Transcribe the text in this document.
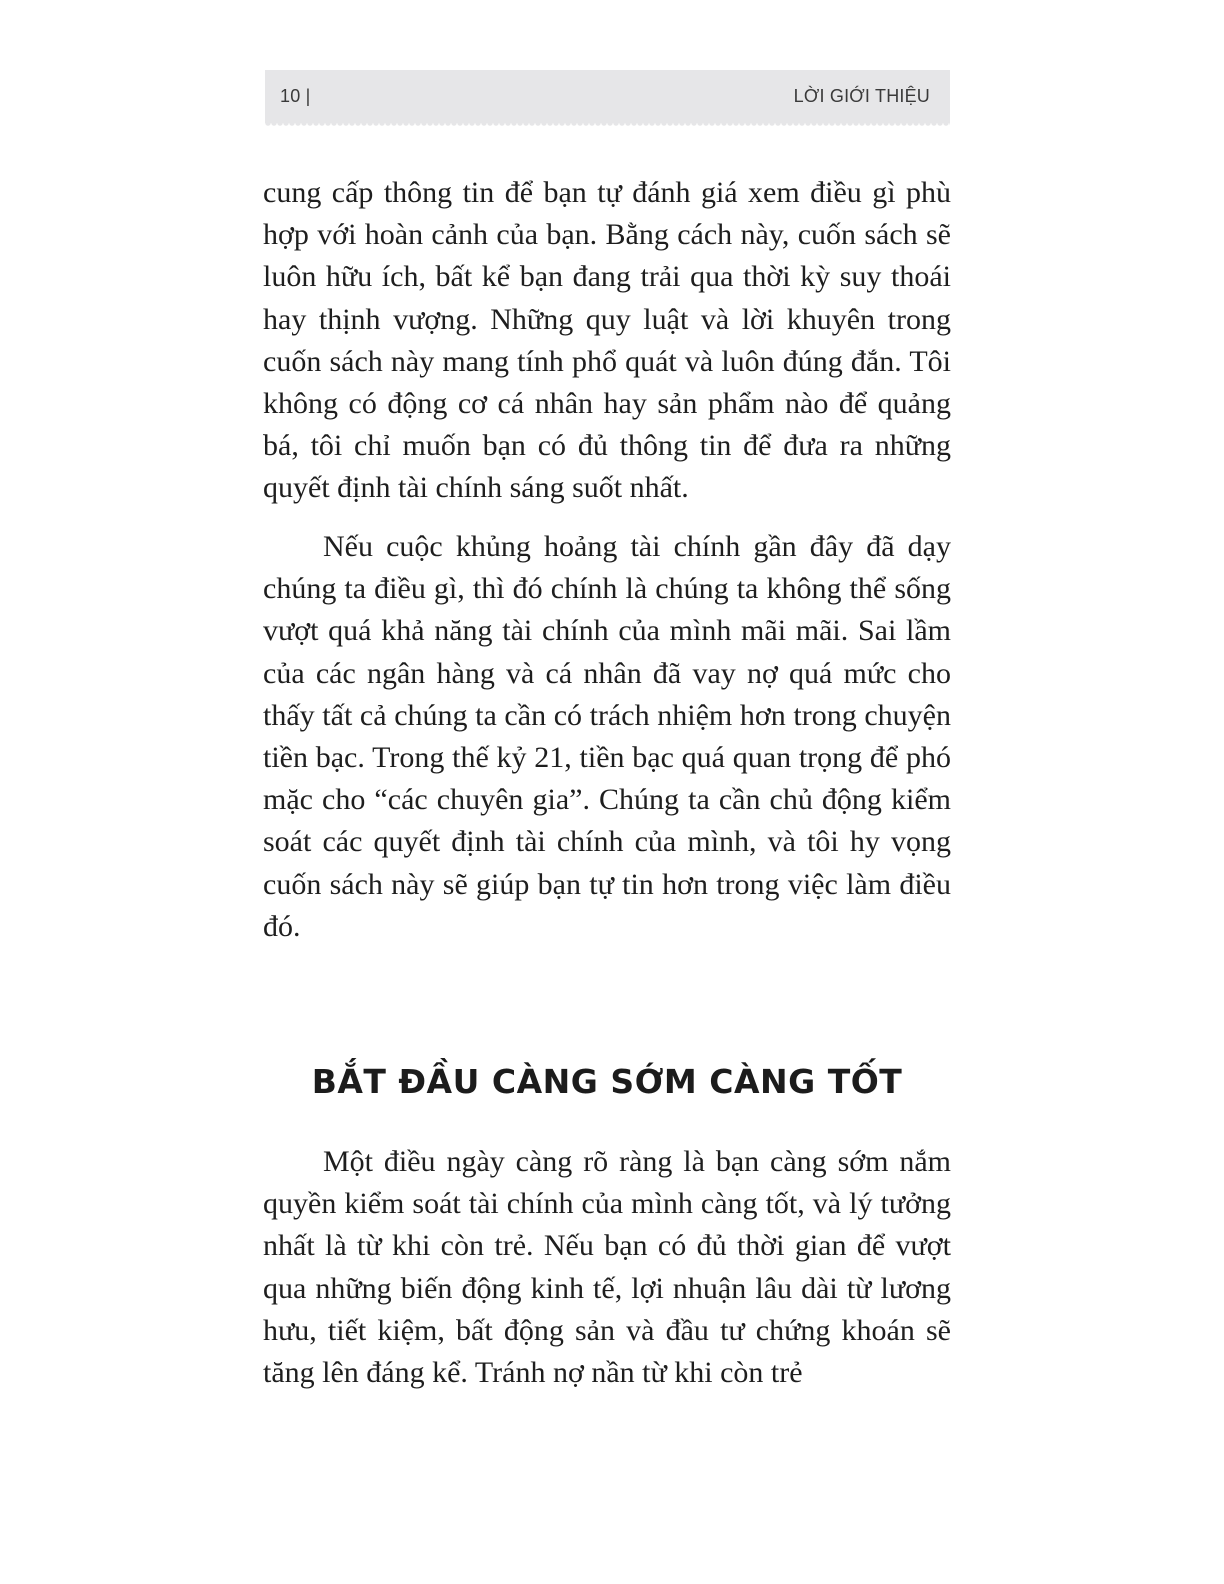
10 |	LỜI GIỚI THIỆU

cung cấp thông tin để bạn tự đánh giá xem điều gì phù hợp với hoàn cảnh của bạn. Bằng cách này, cuốn sách sẽ luôn hữu ích, bất kể bạn đang trải qua thời kỳ suy thoái hay thịnh vượng. Những quy luật và lời khuyên trong cuốn sách này mang tính phổ quát và luôn đúng đắn. Tôi không có động cơ cá nhân hay sản phẩm nào để quảng bá, tôi chỉ muốn bạn có đủ thông tin để đưa ra những quyết định tài chính sáng suốt nhất.

Nếu cuộc khủng hoảng tài chính gần đây đã dạy chúng ta điều gì, thì đó chính là chúng ta không thể sống vượt quá khả năng tài chính của mình mãi mãi. Sai lầm của các ngân hàng và cá nhân đã vay nợ quá mức cho thấy tất cả chúng ta cần có trách nhiệm hơn trong chuyện tiền bạc. Trong thế kỷ 21, tiền bạc quá quan trọng để phó mặc cho “các chuyên gia”. Chúng ta cần chủ động kiểm soát các quyết định tài chính của mình, và tôi hy vọng cuốn sách này sẽ giúp bạn tự tin hơn trong việc làm điều đó.

BẮT ĐẦU CÀNG SỚM CÀNG TỐT

Một điều ngày càng rõ ràng là bạn càng sớm nắm quyền kiểm soát tài chính của mình càng tốt, và lý tưởng nhất là từ khi còn trẻ. Nếu bạn có đủ thời gian để vượt qua những biến động kinh tế, lợi nhuận lâu dài từ lương hưu, tiết kiệm, bất động sản và đầu tư chứng khoán sẽ tăng lên đáng kể. Tránh nợ nần từ khi còn trẻ
